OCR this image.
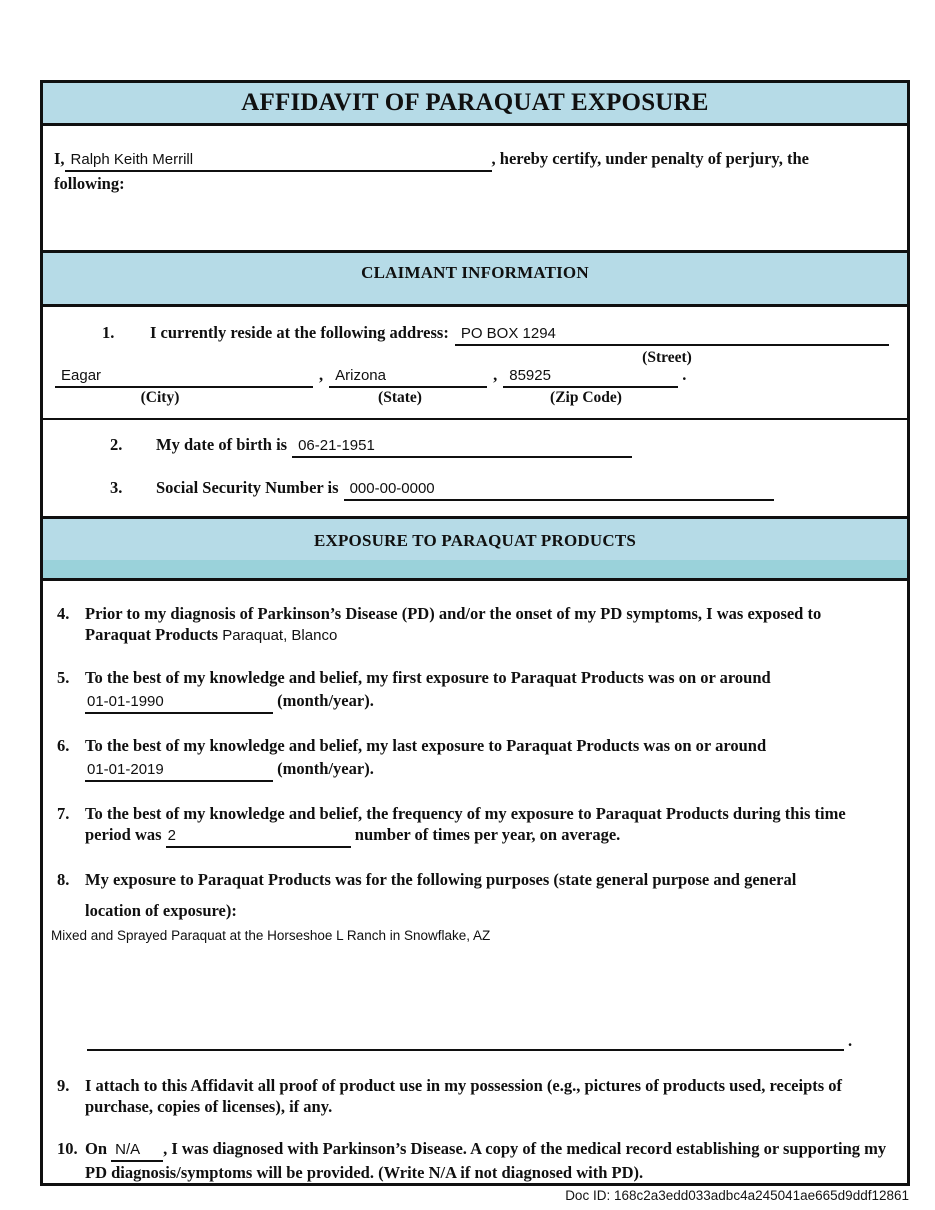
AFFIDAVIT OF PARAQUAT EXPOSURE
I, Ralph Keith Merrill	, hereby certify, under penalty of perjury, the
following:
CLAIMANT INFORMATION
1.	I currently reside at the following address: PO BOX 1294
(Street)
Eagar	, Arizona	, 85925	.
(City)	(State)	(Zip Code)
2.	My date of birth is 06-21-1951
3.	Social Security Number is 000-00-0000
EXPOSURE TO PARAQUAT PRODUCTS
4. Prior to my diagnosis of Parkinson’s Disease (PD) and/or the onset of my PD symptoms, I was exposed to Paraquat Products Paraquat, Blanco
5. To the best of my knowledge and belief, my first exposure to Paraquat Products was on or around
01-01-1990	(month/year).
6. To the best of my knowledge and belief, my last exposure to Paraquat Products was on or around
01-01-2019	(month/year).
7. To the best of my knowledge and belief, the frequency of my exposure to Paraquat Products during this time period was 2	number of times per year, on average.
8. My exposure to Paraquat Products was for the following purposes (state general purpose and general
location of exposure):
Mixed and Sprayed Paraquat at the Horseshoe L Ranch in Snowflake, AZ
.
9. I attach to this Affidavit all proof of product use in my possession (e.g., pictures of products used, receipts of purchase, copies of licenses), if any.
10. On N/A , I was diagnosed with Parkinson’s Disease. A copy of the medical record establishing or supporting my PD diagnosis/symptoms will be provided. (Write N/A if not diagnosed with PD).
Doc ID: 168c2a3edd033adbc4a245041ae665d9ddf12861
